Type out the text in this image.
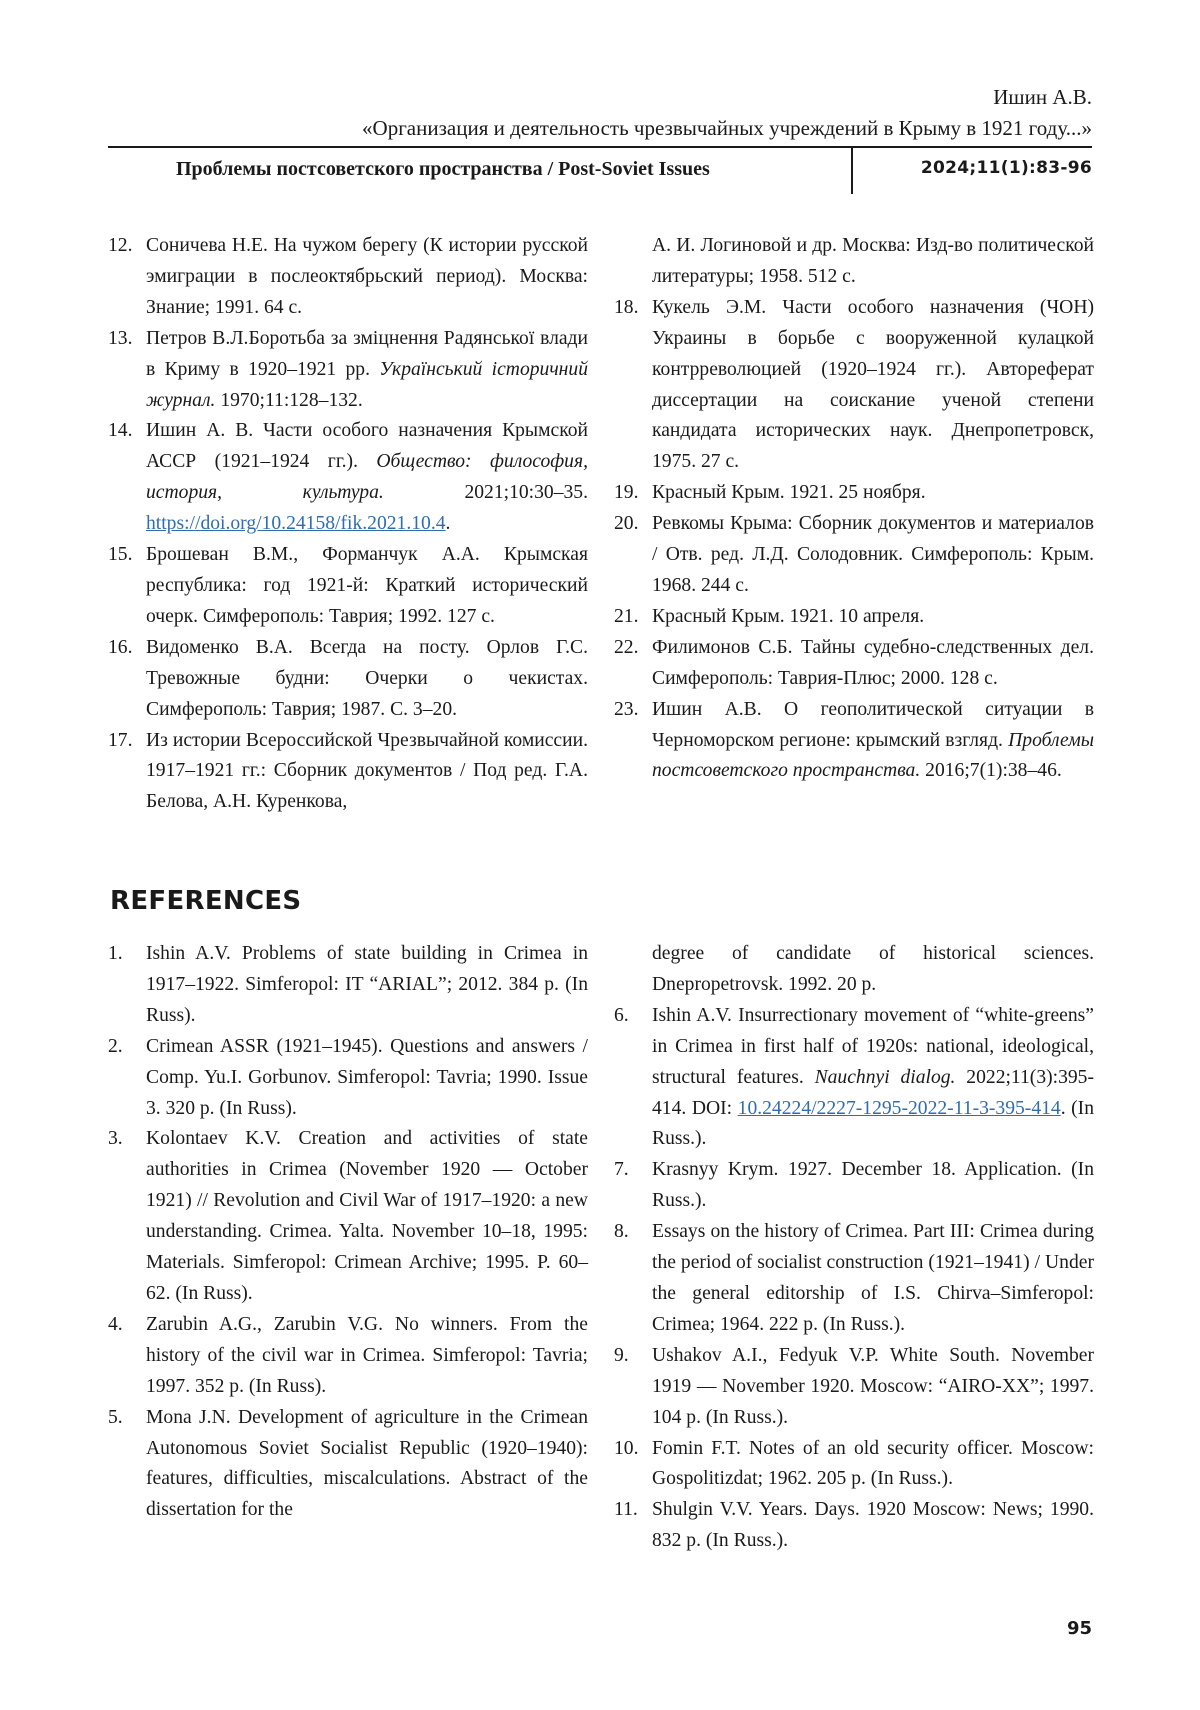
Ишин А.В.
«Организация и деятельность чрезвычайных учреждений в Крыму в 1921 году...»
Проблемы постсоветского пространства / Post-Soviet Issues	2024;11(1):83-96
12. Соничева Н.Е. На чужом берегу (К истории русской эмиграции в послеоктябрьский период). Москва: Знание; 1991. 64 с.
13. Петров В.Л.Боротьба за зміцнення Радянської влади в Криму в 1920–1921 рр. Український історичний журнал. 1970;11:128–132.
14. Ишин А. В. Части особого назначения Крымской АССР (1921–1924 гг.). Общество: философия, история, культура. 2021;10:30–35. https://doi.org/10.24158/fik.2021.10.4.
15. Брошеван В.М., Форманчук А.А. Крымская республика: год 1921-й: Краткий исторический очерк. Симферополь: Таврия; 1992. 127 с.
16. Видоменко В.А. Всегда на посту. Орлов Г.С. Тревожные будни: Очерки о чекистах. Симферополь: Таврия; 1987. С. 3–20.
17. Из истории Всероссийской Чрезвычайной комиссии. 1917–1921 гг.: Сборник документов / Под ред. Г.А. Белова, А.Н. Куренкова,
А. И. Логиновой и др. Москва: Изд-во политической литературы; 1958. 512 с.
18. Кукель Э.М. Части особого назначения (ЧОН) Украины в борьбе с вооруженной кулацкой контрреволюцией (1920–1924 гг.). Автореферат диссертации на соискание ученой степени кандидата исторических наук. Днепропетровск, 1975. 27 с.
19. Красный Крым. 1921. 25 ноября.
20. Ревкомы Крыма: Сборник документов и материалов / Отв. ред. Л.Д. Солодовник. Симферополь: Крым. 1968. 244 с.
21. Красный Крым. 1921. 10 апреля.
22. Филимонов С.Б. Тайны судебно-следственных дел. Симферополь: Таврия-Плюс; 2000. 128 с.
23. Ишин А.В. О геополитической ситуации в Черноморском регионе: крымский взгляд. Проблемы постсоветского пространства. 2016;7(1):38–46.
REFERENCES
1.	Ishin A.V. Problems of state building in Crimea in 1917–1922. Simferopol: IT “ARIAL”; 2012. 384 p. (In Russ).
2.	Crimean ASSR (1921–1945). Questions and answers / Comp. Yu.I. Gorbunov. Simferopol: Tavria; 1990. Issue 3. 320 p. (In Russ).
3.	Kolontaev K.V. Creation and activities of state authorities in Crimea (November 1920 — October 1921) // Revolution and Civil War of 1917–1920: a new understanding. Crimea. Yalta. November 10–18, 1995: Materials. Simferopol: Crimean Archive; 1995. P. 60–62. (In Russ).
4.	Zarubin A.G., Zarubin V.G. No winners. From the history of the civil war in Crimea. Simferopol: Tavria; 1997. 352 p. (In Russ).
5.	Mona J.N. Development of agriculture in the Crimean Autonomous Soviet Socialist Republic (1920–1940): features, difficulties, miscalculations. Abstract of the dissertation for the
degree of candidate of historical sciences. Dnepropetrovsk. 1992. 20 p.
6.	Ishin A.V. Insurrectionary movement of “white-greens” in Crimea in first half of 1920s: national, ideological, structural features. Nauchnyi dialog. 2022;11(3):395-414. DOI: 10.24224/2227-1295-2022-11-3-395-414. (In Russ.).
7.	Krasnyy Krym. 1927. December 18. Application. (In Russ.).
8.	Essays on the history of Crimea. Part III: Crimea during the period of socialist construction (1921–1941) / Under the general editorship of I.S. Chirva–Simferopol: Crimea; 1964. 222 p. (In Russ.).
9.	Ushakov A.I., Fedyuk V.P. White South. November 1919 — November 1920. Moscow: “AIRO-XX”; 1997. 104 p. (In Russ.).
10. Fomin F.T. Notes of an old security officer. Moscow: Gospolitizdat; 1962. 205 p. (In Russ.).
11. Shulgin V.V. Years. Days. 1920 Moscow: News; 1990. 832 p. (In Russ.).
95
